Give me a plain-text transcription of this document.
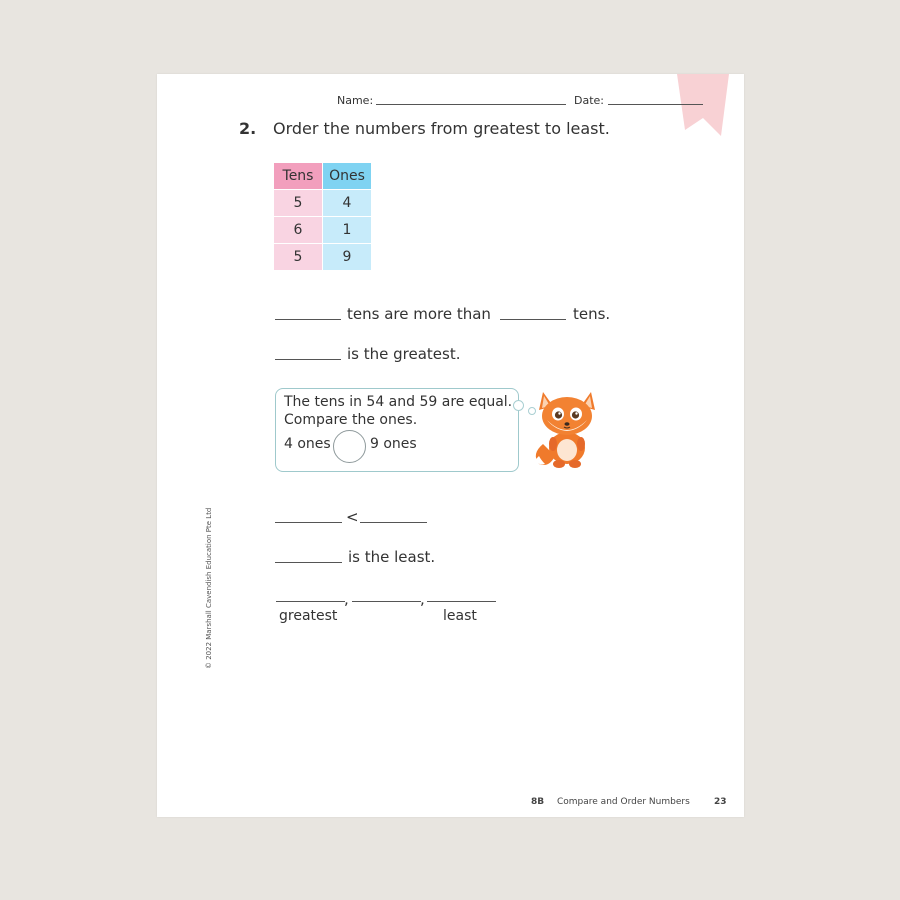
Name:	Date:
2. Order the numbers from greatest to least.
Tens	Ones
5	4
6	1
5	9
tens are more than	tens.
is the greatest.
The tens in 54 and 59 are equal.
Compare the ones.
4 ones	9 ones
<
is the least.
,	,
greatest	least
© 2022 Marshall Cavendish Education Pte Ltd
8B Compare and Order Numbers	23
